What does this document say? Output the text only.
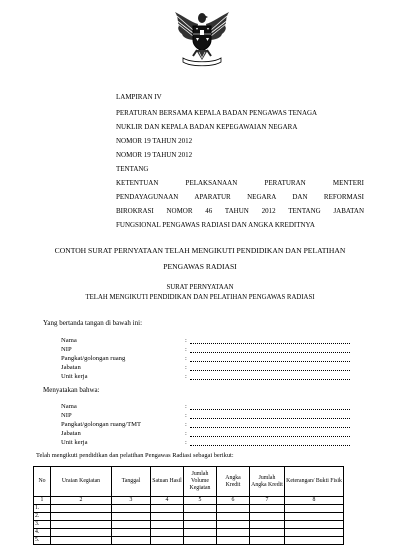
LAMPIRAN IV
PERATURAN BERSAMA KEPALA BADAN PENGAWAS TENAGA
NUKLIR DAN KEPALA BADAN KEPEGAWAIAN NEGARA
NOMOR 19 TAHUN 2012
NOMOR 19 TAHUN 2012
TENTANG
KETENTUAN PELAKSANAAN PERATURAN MENTERI
PENDAYAGUNAAN APARATUR NEGARA DAN REFORMASI
BIROKRASI NOMOR 46 TAHUN 2012 TENTANG JABATAN
FUNGSIONAL PENGAWAS RADIASI DAN ANGKA KREDITNYA
CONTOH SURAT PERNYATAAN TELAH MENGIKUTI PENDIDIKAN DAN PELATIHAN
PENGAWAS RADIASI
SURAT PERNYATAAN
TELAH MENGIKUTI PENDIDIKAN DAN PELATIHAN PENGAWAS RADIASI
Yang bertanda tangan di bawah ini:
Nama	:
NIP	:
Pangkat/golongan ruang	:
Jabatan	:
Unit kerja	:
Menyatakan bahwa:
Nama	:
NIP	:
Pangkat/golongan ruang/TMT	:
Jabatan	:
Unit kerja	:
Telah mengikuti pendidikan dan pelatihan Pengawas Radiasi sebagai berikut:
No	Uraian Kegiatan	Tanggal	Satuan Hasil	Jumlah Volume Kegiatan	Angka Kredit	Jumlah Angka Kredit	Keterangan/ Bukti Fisik
1	2	3	4	5	6	7	8
1.							
2.							
3.							
4.							
5.							
